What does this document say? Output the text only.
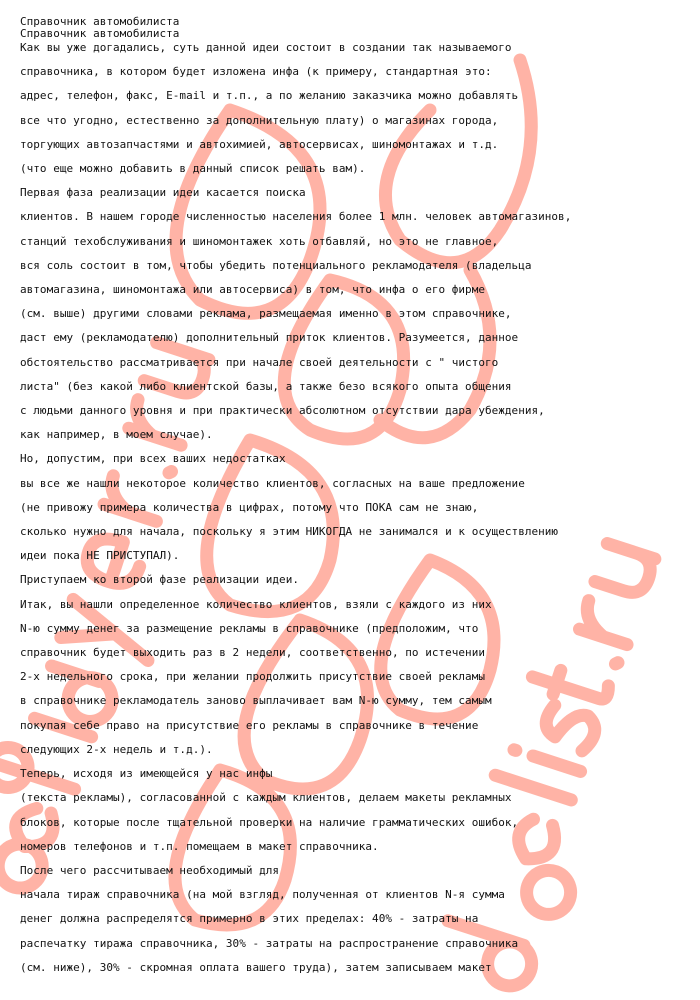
Справочник автомобилиста
Справочник автомобилиста
Как вы уже догадались, суть данной идеи состоит в создании так называемого
справочника, в котором будет изложена инфа (к примеру, стандартная это:
адрес, телефон, факс, E-mail и т.п., а по желанию заказчика можно добавлять
все что угодно, естественно за дополнительную плату) о магазинах города,
торгующих автозапчастями и автохимией, автосервисах, шиномонтажах и т.д.
(что еще можно добавить в данный список решать вам).
Первая фаза реализации идеи касается поиска
клиентов. В нашем городе численностью населения более 1 млн. человек автомагазинов,
станций техобслуживания и шиномонтажек хоть отбавляй, но это не главное,
вся соль состоит в том, чтобы убедить потенциального рекламодателя (владельца
автомагазина, шиномонтажа или автосервиса) в том, что инфа о его фирме
(см. выше) другими словами реклама, размещаемая именно в этом справочнике,
даст ему (рекламодателю) дополнительный приток клиентов. Разумеется, данное
обстоятельство рассматривается при начале своей деятельности с " чистого
листа" (без какой либо клиентской базы, а также безо всякого опыта общения
с людьми данного уровня и при практически абсолютном отсутствии дара убеждения,
как например, в моем случае).
Но, допустим, при всех ваших недостатках
вы все же нашли некоторое количество клиентов, согласных на ваше предложение
(не привожу примера количества в цифрах, потому что ПОКА сам не знаю,
сколько нужно для начала, поскольку я этим НИКОГДА не занимался и к осуществлению
идеи пока НЕ ПРИСТУПАЛ).
Приступаем ко второй фазе реализации идеи.
Итак, вы нашли определенное количество клиентов, взяли с каждого из них
N-ю сумму денег за размещение рекламы в справочнике (предположим, что
справочник будет выходить раз в 2 недели, соответственно, по истечении
2-х недельного срока, при желании продолжить присутствие своей рекламы
в справочнике рекламодатель заново выплачивает вам N-ю сумму, тем самым
покупая себе право на присутствие его рекламы в справочнике в течение
следующих 2-х недель и т.д.).
Теперь, исходя из имеющейся у нас инфы
(текста рекламы), согласованной с каждым клиентов, делаем макеты рекламных
блоков, которые после тщательной проверки на наличие грамматических ошибок,
номеров телефонов и т.п. помещаем в макет справочника.
После чего рассчитываем необходимый для
начала тираж справочника (на мой взгляд, полученная от клиентов N-я сумма
денег должна распределятся примерно в этих пределах: 40% - затраты на
распечатку тиража справочника, 30% - затраты на распространение справочника
(см. ниже), 30% - скромная оплата вашего труда), затем записываем макет
